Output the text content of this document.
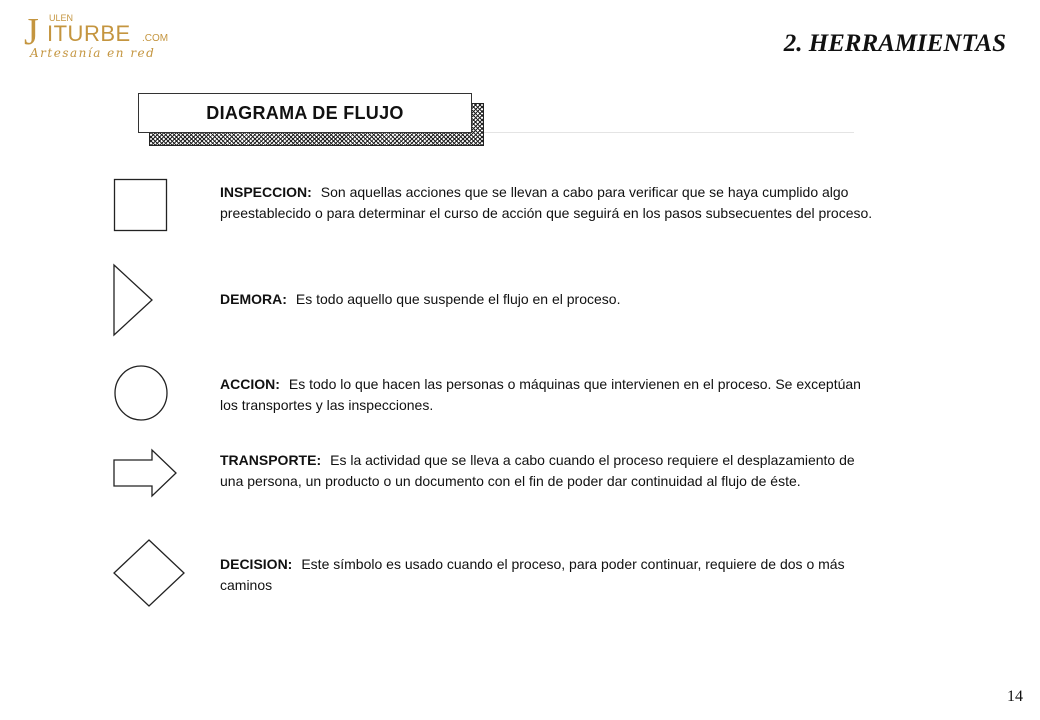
J ULEN
ITURBE .COM
Artesanía en red	2. HERRAMIENTAS
DIAGRAMA DE FLUJO

INSPECCION: Son aquellas acciones que se llevan a cabo para verificar que se haya cumplido algo preestablecido o para determinar el curso de acción que seguirá en los pasos subsecuentes del proceso.

DEMORA: Es todo aquello que suspende el flujo en el proceso.

ACCION: Es todo lo que hacen las personas o máquinas que intervienen en el proceso. Se exceptúan los transportes y las inspecciones.

TRANSPORTE: Es la actividad que se lleva a cabo cuando el proceso requiere el desplazamiento de una persona, un producto o un documento con el fin de poder dar continuidad al flujo de éste.

DECISION: Este símbolo es usado cuando el proceso, para poder continuar, requiere de dos o más caminos

14
